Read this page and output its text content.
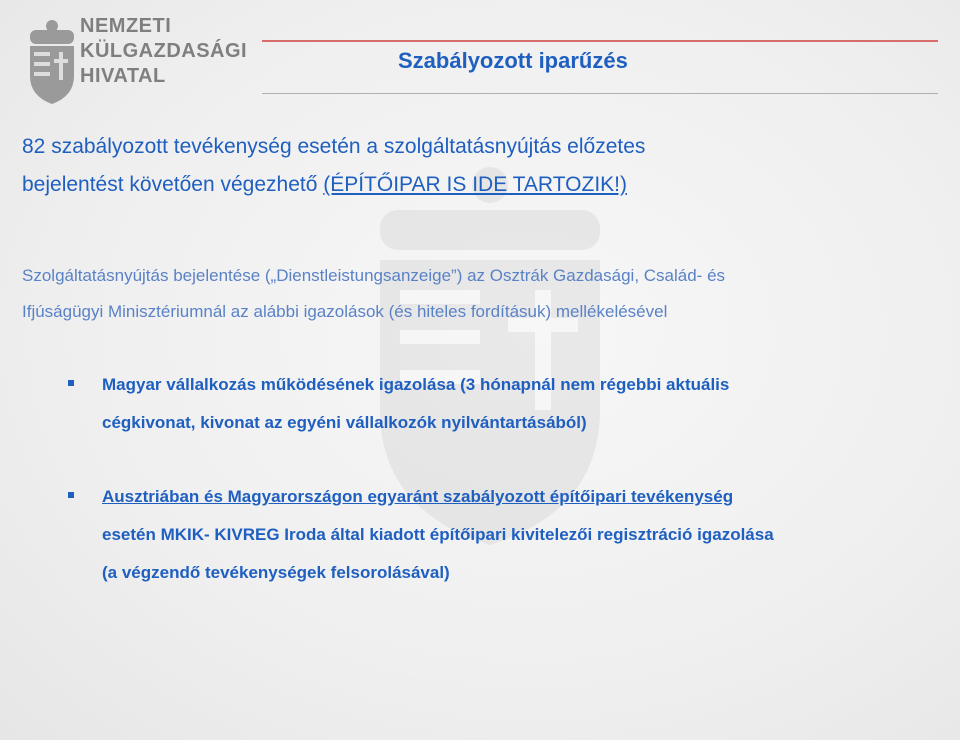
NEMZETI
KÜLGAZDASÁGI
HIVATAL
Szabályozott iparűzés
82 szabályozott tevékenység esetén a szolgáltatásnyújtás előzetes
bejelentést követően végezhető (ÉPÍTŐIPAR IS IDE TARTOZIK!)
Szolgáltatásnyújtás bejelentése („Dienstleistungsanzeige”) az Osztrák Gazdasági, Család- és
Ifjúságügyi Minisztériumnál az alábbi igazolások (és hiteles fordításuk) mellékelésével
Magyar vállalkozás működésének igazolása (3 hónapnál nem régebbi aktuális
cégkivonat, kivonat az egyéni vállalkozók nyilvántartásából)
Ausztriában és Magyarországon egyaránt szabályozott építőipari tevékenység
esetén MKIK- KIVREG Iroda által kiadott építőipari kivitelezői regisztráció igazolása
(a végzendő tevékenységek felsorolásával)
